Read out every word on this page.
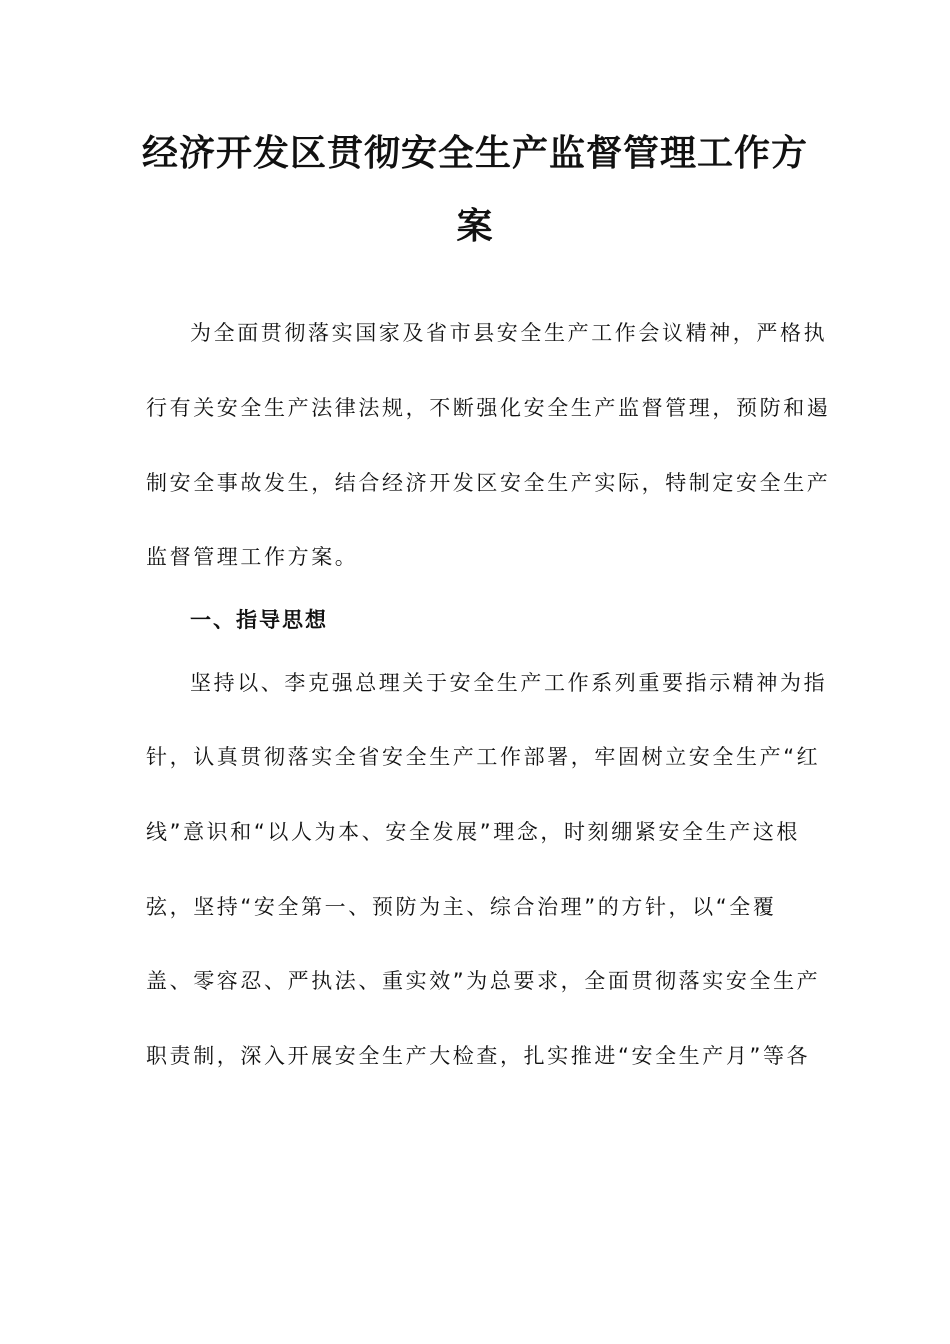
经济开发区贯彻安全生产监督管理工作方
案
为全面贯彻落实国家及省市县安全生产工作会议精神，严格执
行有关安全生产法律法规，不断强化安全生产监督管理，预防和遏
制安全事故发生，结合经济开发区安全生产实际，特制定安全生产
监督管理工作方案。
一、指导思想
坚持以、李克强总理关于安全生产工作系列重要指示精神为指
针，认真贯彻落实全省安全生产工作部署，牢固树立安全生产“红
线”意识和“以人为本、安全发展”理念，时刻绷紧安全生产这根
弦，坚持“安全第一、预防为主、综合治理”的方针，以“全覆
盖、零容忍、严执法、重实效”为总要求，全面贯彻落实安全生产
职责制，深入开展安全生产大检查，扎实推进“安全生产月”等各
